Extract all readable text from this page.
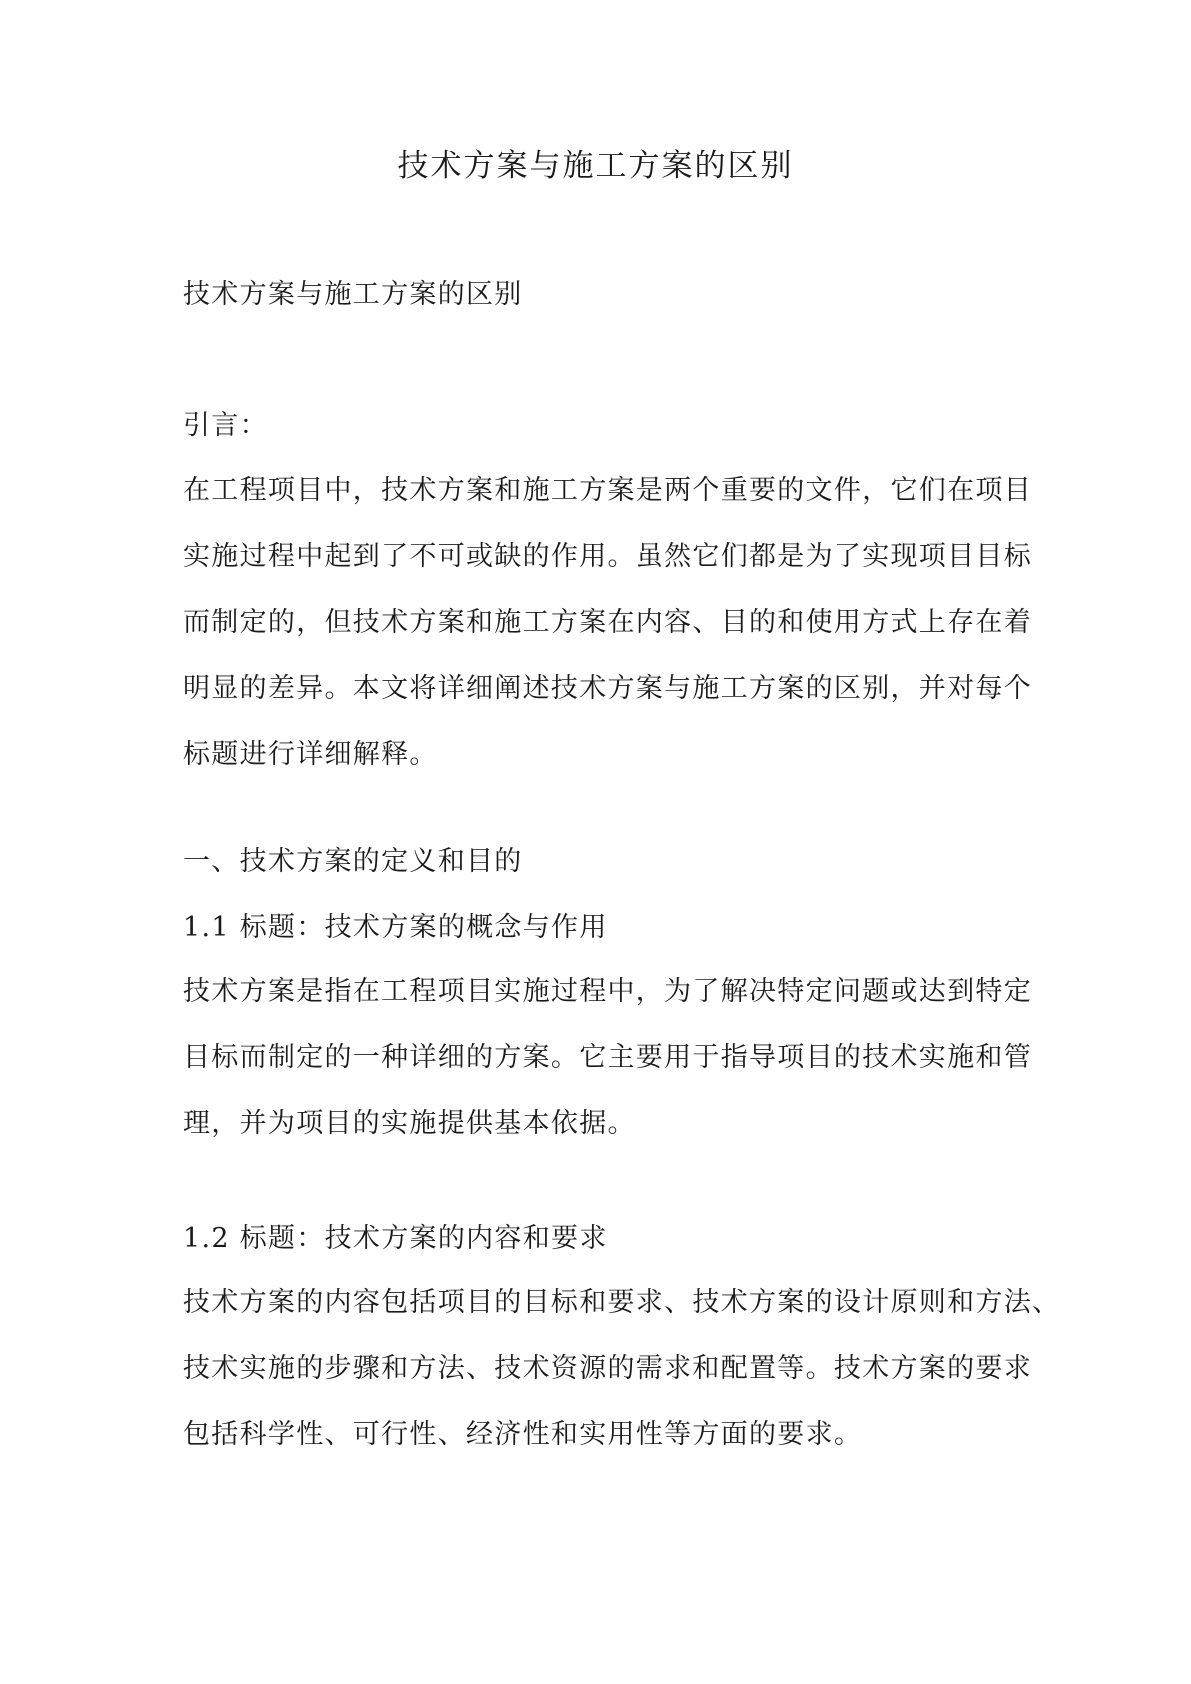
技术方案与施工方案的区别

技术方案与施工方案的区别

引言：

在工程项目中，技术方案和施工方案是两个重要的文件，它们在项目
实施过程中起到了不可或缺的作用。虽然它们都是为了实现项目目标
而制定的，但技术方案和施工方案在内容、目的和使用方式上存在着
明显的差异。本文将详细阐述技术方案与施工方案的区别，并对每个
标题进行详细解释。

一、技术方案的定义和目的

1.1 标题：技术方案的概念与作用

技术方案是指在工程项目实施过程中，为了解决特定问题或达到特定
目标而制定的一种详细的方案。它主要用于指导项目的技术实施和管
理，并为项目的实施提供基本依据。

1.2 标题：技术方案的内容和要求

技术方案的内容包括项目的目标和要求、技术方案的设计原则和方法、
技术实施的步骤和方法、技术资源的需求和配置等。技术方案的要求
包括科学性、可行性、经济性和实用性等方面的要求。
